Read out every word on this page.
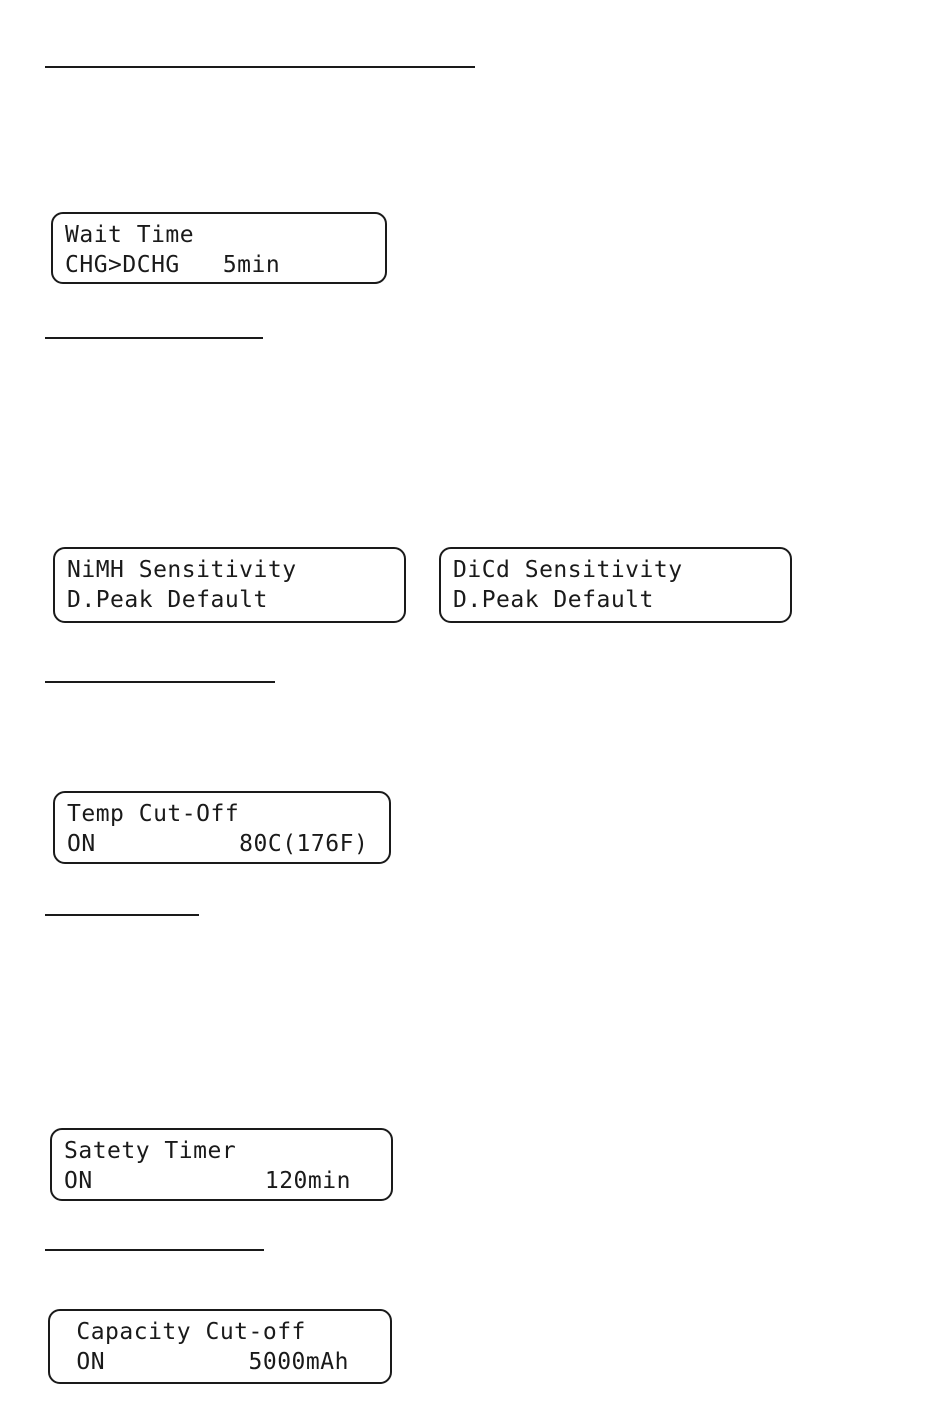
Wait Time
CHG>DCHG   5min
NiMH Sensitivity
D.Peak Default
DiCd Sensitivity
D.Peak Default
Temp Cut-Off
ON          80C(176F)
Satety Timer
ON            120min
Capacity Cut-off
ON          5000mAh
